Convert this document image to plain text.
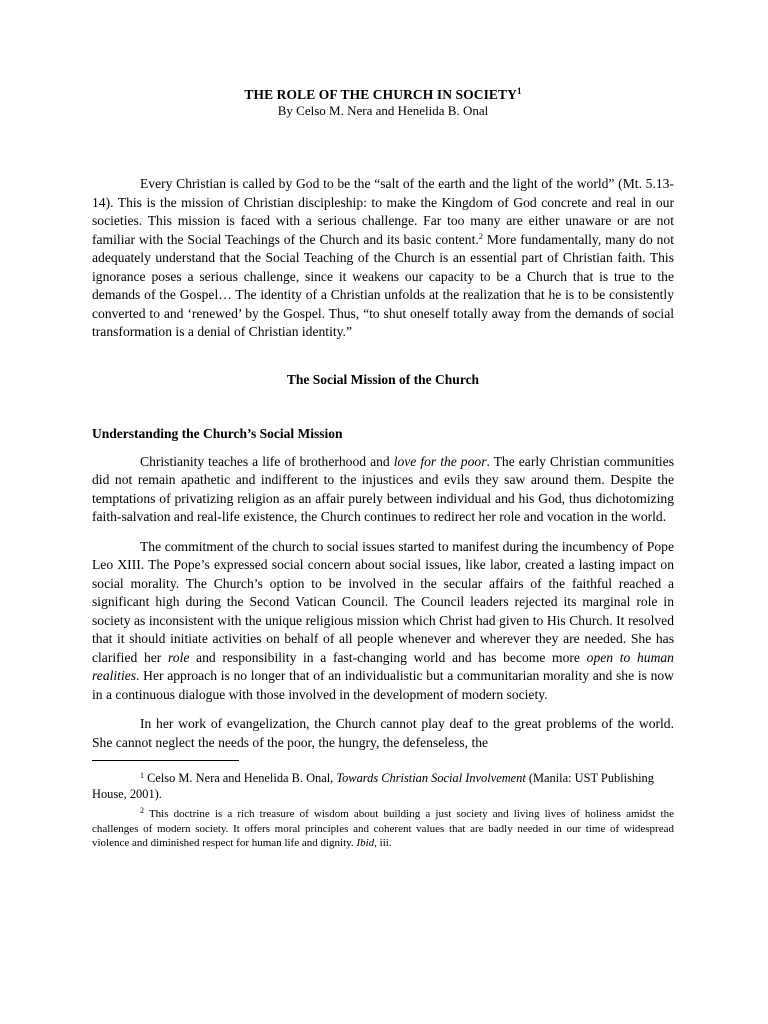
THE ROLE OF THE CHURCH IN SOCIETY$^1$
By Celso M. Nera and Henelida B. Onal

Every Christian is called by God to be the “salt of the earth and the light of the world” (Mt. 5.13-14). This is the mission of Christian discipleship: to make the Kingdom of God concrete and real in our societies. This mission is faced with a serious challenge. Far too many are either unaware or are not familiar with the Social Teachings of the Church and its basic content.$^2$ More fundamentally, many do not adequately understand that the Social Teaching of the Church is an essential part of Christian faith. This ignorance poses a serious challenge, since it weakens our capacity to be a Church that is true to the demands of the Gospel… The identity of a Christian unfolds at the realization that he is to be consistently converted to and ‘renewed’ by the Gospel. Thus, “to shut oneself totally away from the demands of social transformation is a denial of Christian identity.”

The Social Mission of the Church
Understanding the Church’s Social Mission

Christianity teaches a life of brotherhood and love for the poor. The early Christian communities did not remain apathetic and indifferent to the injustices and evils they saw around them. Despite the temptations of privatizing religion as an affair purely between individual and his God, thus dichotomizing faith-salvation and real-life existence, the Church continues to redirect her role and vocation in the world.

The commitment of the church to social issues started to manifest during the incumbency of Pope Leo XIII. The Pope’s expressed social concern about social issues, like labor, created a lasting impact on social morality. The Church’s option to be involved in the secular affairs of the faithful reached a significant high during the Second Vatican Council. The Council leaders rejected its marginal role in society as inconsistent with the unique religious mission which Christ had given to His Church. It resolved that it should initiate activities on behalf of all people whenever and wherever they are needed. She has clarified her role and responsibility in a fast-changing world and has become more open to human realities. Her approach is no longer that of an individualistic but a communitarian morality and she is now in a continuous dialogue with those involved in the development of modern society.

In her work of evangelization, the Church cannot play deaf to the great problems of the world. She cannot neglect the needs of the poor, the hungry, the defenseless, the

$^1$ Celso M. Nera and Henelida B. Onal, Towards Christian Social Involvement (Manila: UST Publishing House, 2001).
$^2$ This doctrine is a rich treasure of wisdom about building a just society and living lives of holiness amidst the challenges of modern society. It offers moral principles and coherent values that are badly needed in our time of widespread violence and diminished respect for human life and dignity. Ibid, iii.
